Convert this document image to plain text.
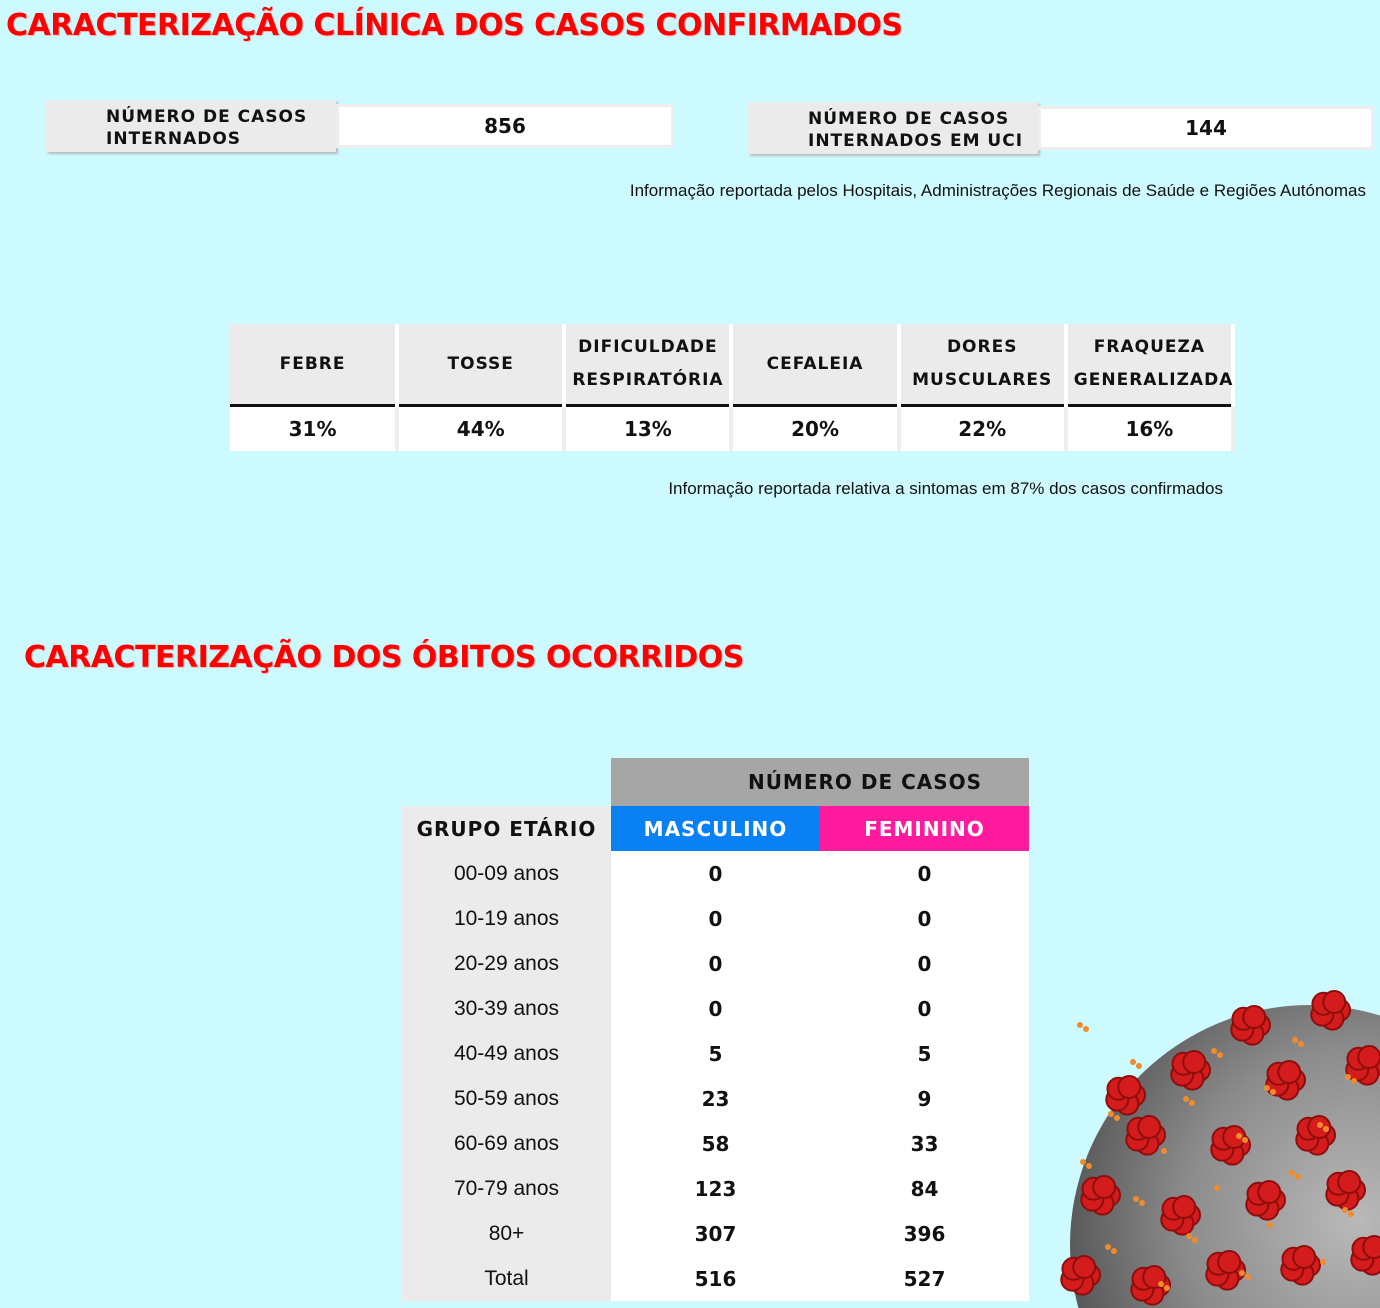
CARACTERIZAÇÃO CLÍNICA DOS CASOS CONFIRMADOS
NÚMERO DE CASOS INTERNADOS
856	NÚMERO DE CASOS INTERNADOS EM UCI
144
Informação reportada pelos Hospitais, Administrações Regionais de Saúde e Regiões Autónomas
FEBRE	TOSSE	DIFICULDADE RESPIRATÓRIA	CEFALEIA	DORES MUSCULARES	FRAQUEZA GENERALIZADA
31%	44%	13%	20%	22%	16%
Informação reportada relativa a sintomas em 87% dos casos confirmados
CARACTERIZAÇÃO DOS ÓBITOS OCORRIDOS
	NÚMERO DE CASOS	
GRUPO ETÁRIO	MASCULINO	FEMININO
00-09 anos	0	0
10-19 anos	0	0
20-29 anos	0	0
30-39 anos	0	0
40-49 anos	5	5
50-59 anos	23	9
60-69 anos	58	33
70-79 anos	123	84
80+	307	396
Total	516	527
